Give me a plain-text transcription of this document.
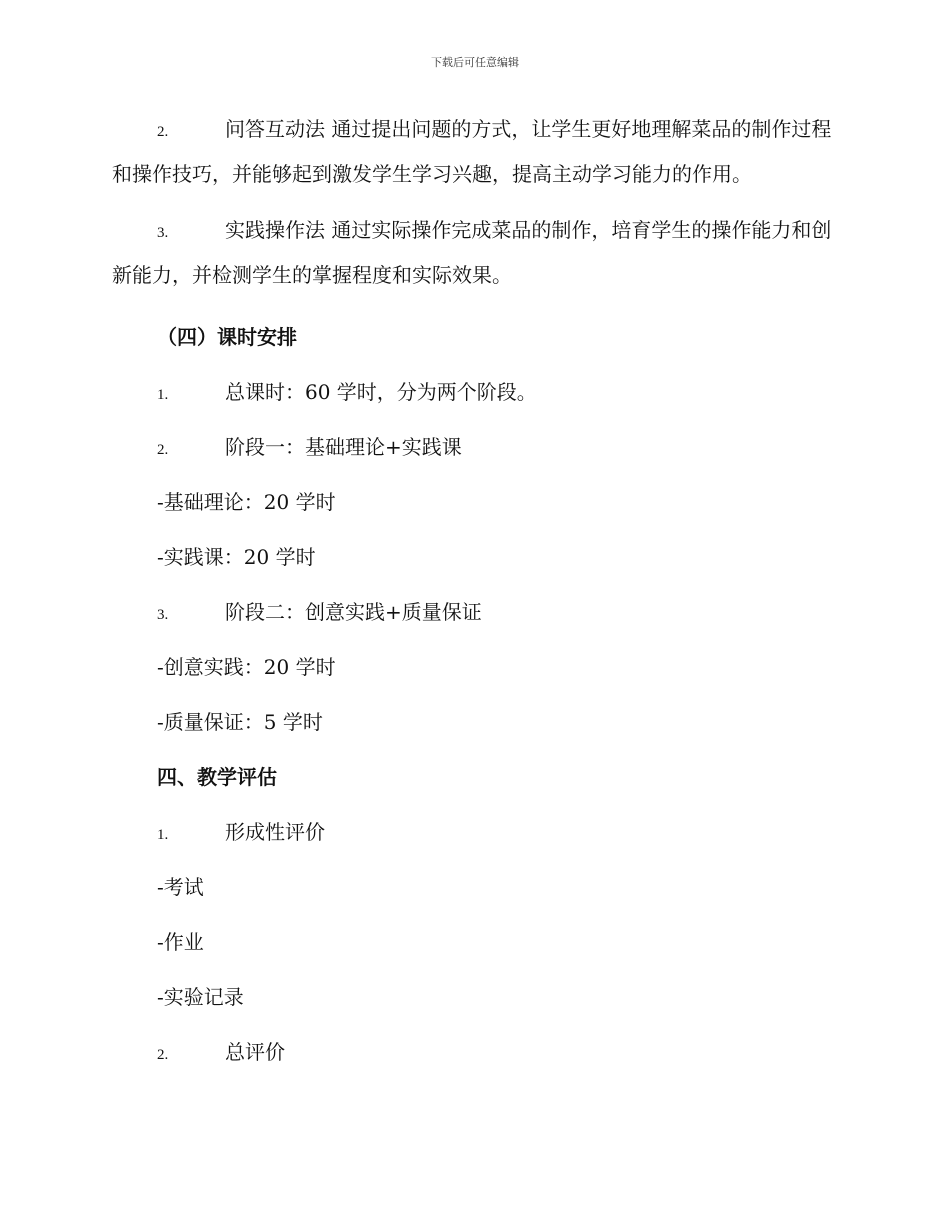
下载后可任意编辑

2.	问答互动法 通过提出问题的方式，让学生更好地理解菜品的制作过程和操作技巧，并能够起到激发学生学习兴趣，提高主动学习能力的作用。

3.	实践操作法 通过实际操作完成菜品的制作，培育学生的操作能力和创新能力，并检测学生的掌握程度和实际效果。

（四）课时安排
1.	总课时：60 学时，分为两个阶段。
2.	阶段一：基础理论+实践课
-基础理论：20 学时
-实践课：20 学时
3.	阶段二：创意实践+质量保证
-创意实践：20 学时
-质量保证：5 学时
四、教学评估
1.	形成性评价
-考试
-作业
-实验记录
2.	总评价
